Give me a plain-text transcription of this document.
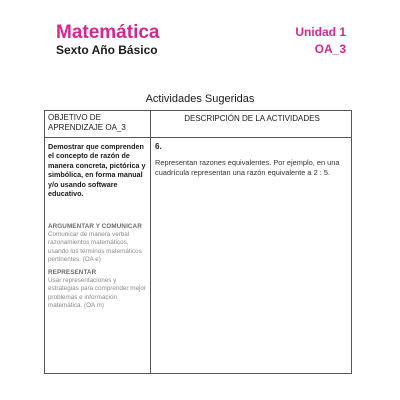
Matemática
Sexto Año Básico
Unidad 1
OA_3
Actividades Sugeridas
OBJETIVO DE APRENDIZAJE OA_3
DESCRIPCIÓN DE LA ACTIVIDADES
Demostrar que comprenden el concepto de razón de manera concreta, pictórica y simbólica, en forma manual y/o usando software educativo.
ARGUMENTAR Y COMUNICAR
Comunicar de manera verbal razonamientos matemáticos, usando los términos matemáticos pertinentes. (OA e)
REPRESENTAR
Usar representaciones y estrategias para comprender mejor problemas e información matemática. (OA m)
6.
Representan razones equivalentes. Por ejemplo, en una cuadrícula representan una razón equivalente a 2 : 5.
